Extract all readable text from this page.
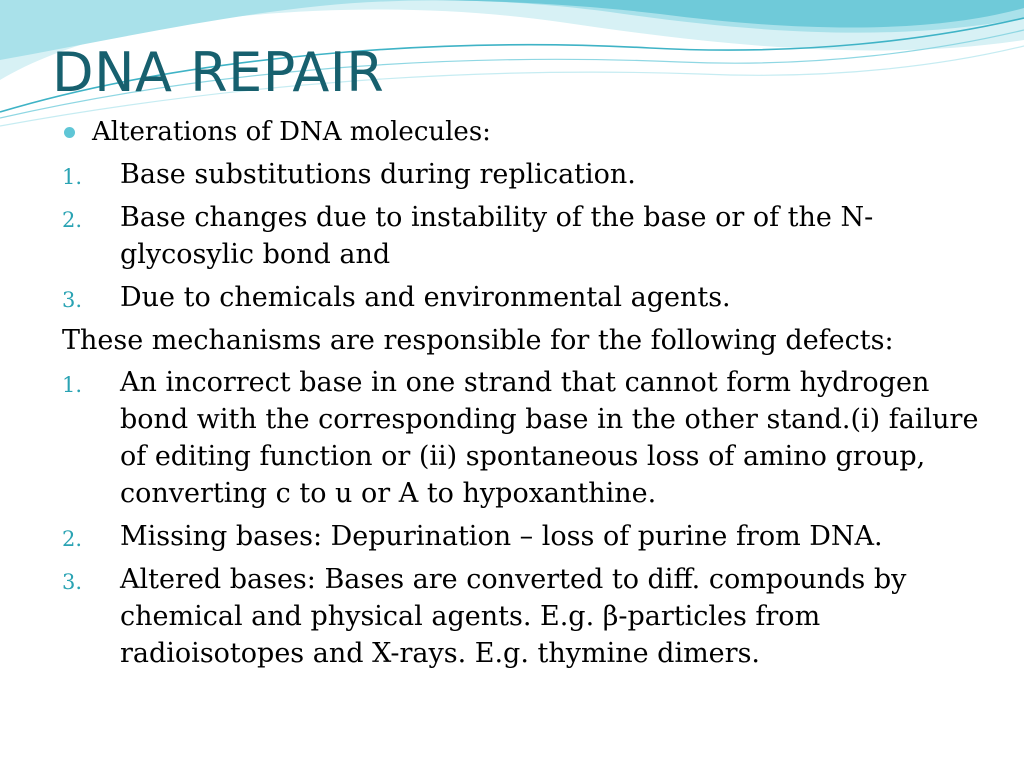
DNA REPAIR
Alterations of DNA molecules:
1. Base substitutions during replication.
2. Base changes due to instability of the base or of the N-glycosylic bond and
3. Due to chemicals and environmental agents.

These mechanisms are responsible for the following defects:

1. An incorrect base in one strand that cannot form hydrogen bond with the corresponding base in the other stand.(i) failure of editing function or (ii) spontaneous loss of amino group, converting c to u or A to hypoxanthine.
2. Missing bases: Depurination – loss of purine from DNA.
3. Altered bases: Bases are converted to diff. compounds by chemical and physical agents. E.g. β-particles from radioisotopes and X-rays. E.g. thymine dimers.
